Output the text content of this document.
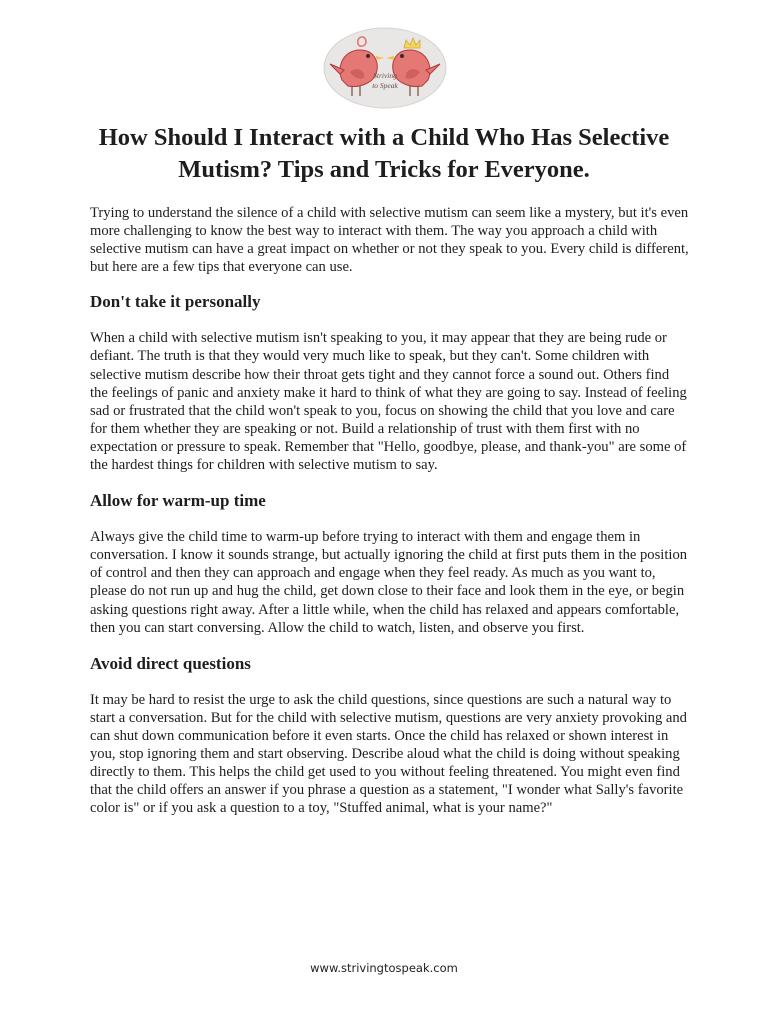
Striving
to Speak
How Should I Interact with a Child Who Has Selective Mutism? Tips and Tricks for Everyone.

Trying to understand the silence of a child with selective mutism can seem like a mystery, but it's even more challenging to know the best way to interact with them. The way you approach a child with selective mutism can have a great impact on whether or not they speak to you. Every child is different, but here are a few tips that everyone can use.

Don't take it personally

When a child with selective mutism isn't speaking to you, it may appear that they are being rude or defiant. The truth is that they would very much like to speak, but they can't. Some children with selective mutism describe how their throat gets tight and they cannot force a sound out. Others find the feelings of panic and anxiety make it hard to think of what they are going to say. Instead of feeling sad or frustrated that the child won't speak to you, focus on showing the child that you love and care for them whether they are speaking or not. Build a relationship of trust with them first with no expectation or pressure to speak. Remember that "Hello, goodbye, please, and thank-you" are some of the hardest things for children with selective mutism to say.

Allow for warm-up time

Always give the child time to warm-up before trying to interact with them and engage them in conversation. I know it sounds strange, but actually ignoring the child at first puts them in the position of control and then they can approach and engage when they feel ready. As much as you want to, please do not run up and hug the child, get down close to their face and look them in the eye, or begin asking questions right away. After a little while, when the child has relaxed and appears comfortable, then you can start conversing. Allow the child to watch, listen, and observe you first.

Avoid direct questions

It may be hard to resist the urge to ask the child questions, since questions are such a natural way to start a conversation. But for the child with selective mutism, questions are very anxiety provoking and can shut down communication before it even starts. Once the child has relaxed or shown interest in you, stop ignoring them and start observing. Describe aloud what the child is doing without speaking directly to them. This helps the child get used to you without feeling threatened. You might even find that the child offers an answer if you phrase a question as a statement, "I wonder what Sally's favorite color is" or if you ask a question to a toy, "Stuffed animal, what is your name?"

www.strivingtospeak.com
